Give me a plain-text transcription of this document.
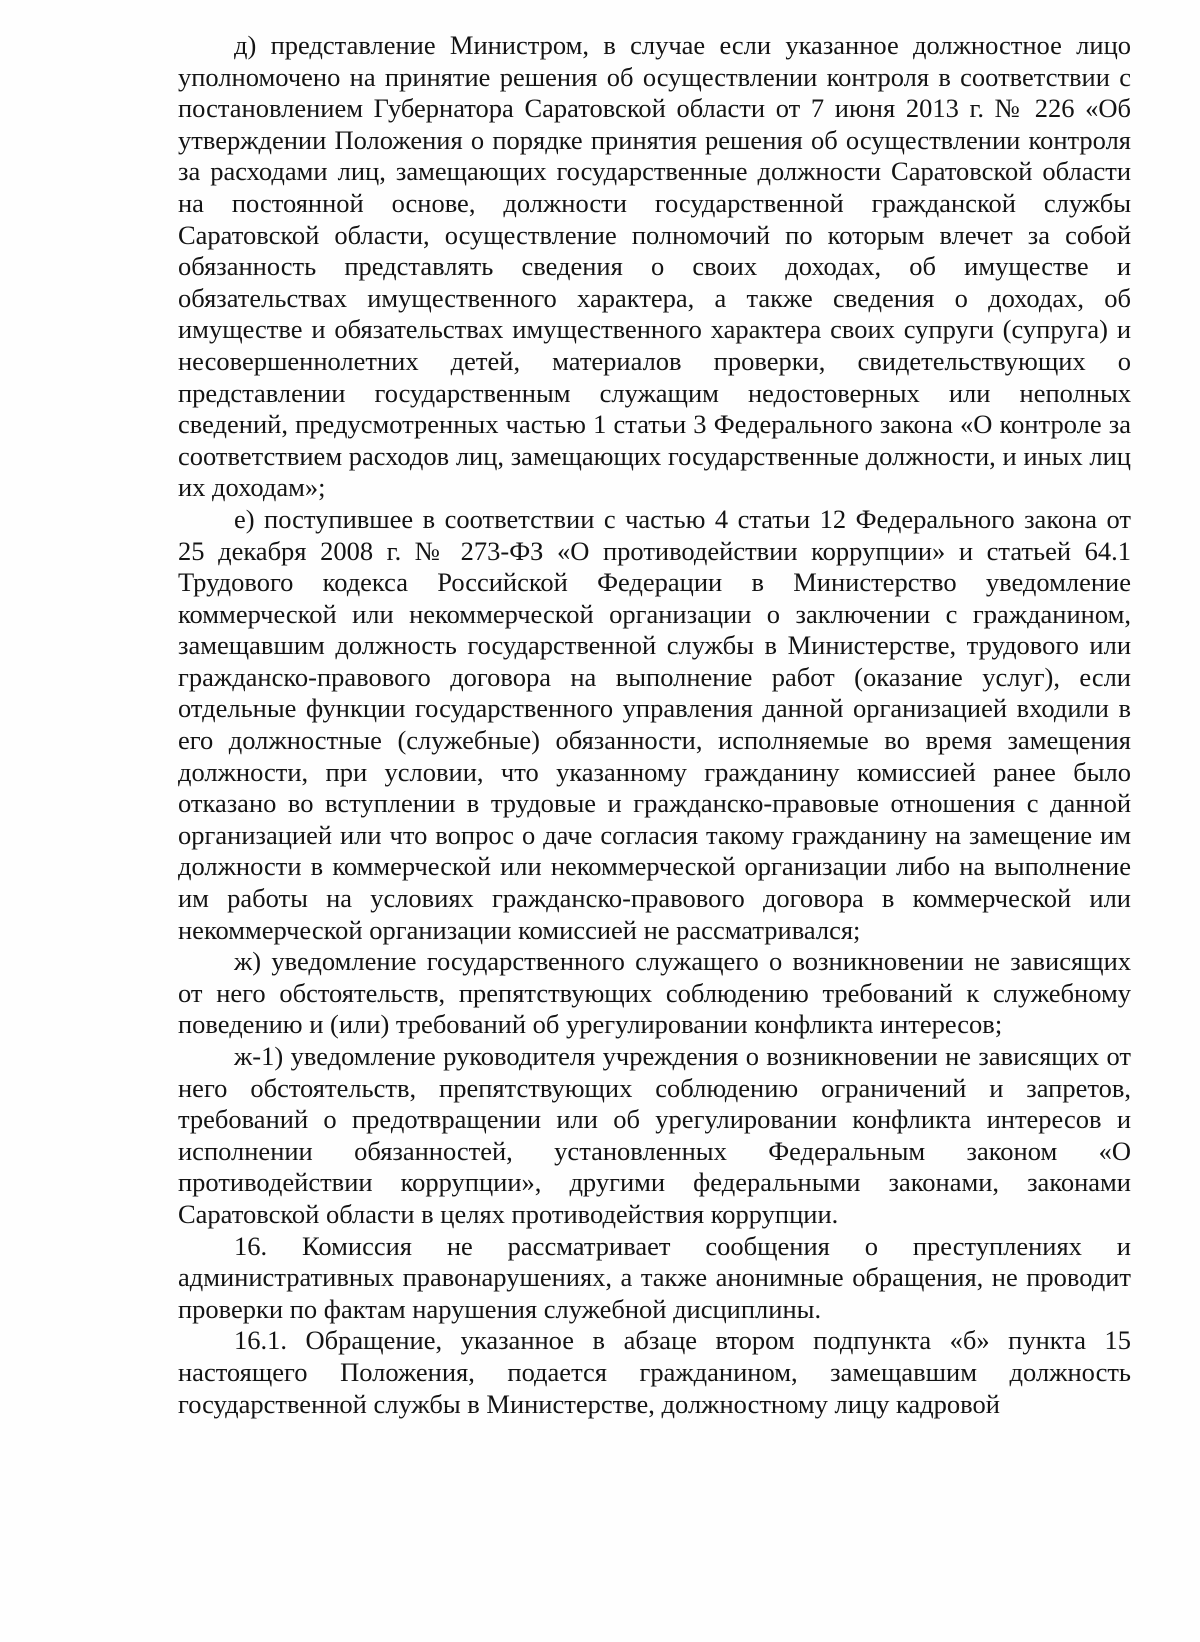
д) представление Министром, в случае если указанное должностное лицо уполномочено на принятие решения об осуществлении контроля в соответствии с постановлением Губернатора Саратовской области от 7 июня 2013 г. № 226 «Об утверждении Положения о порядке принятия решения об осуществлении контроля за расходами лиц, замещающих государственные должности Саратовской области на постоянной основе, должности государственной гражданской службы Саратовской области, осуществление полномочий по которым влечет за собой обязанность представлять сведения о своих доходах, об имуществе и обязательствах имущественного характера, а также сведения о доходах, об имуществе и обязательствах имущественного характера своих супруги (супруга) и несовершеннолетних детей, материалов проверки, свидетельствующих о представлении государственным служащим недостоверных или неполных сведений, предусмотренных частью 1 статьи 3 Федерального закона «О контроле за соответствием расходов лиц, замещающих государственные должности, и иных лиц их доходам»;

е) поступившее в соответствии с частью 4 статьи 12 Федерального закона от 25 декабря 2008 г. № 273-ФЗ «О противодействии коррупции» и статьей 64.1 Трудового кодекса Российской Федерации в Министерство уведомление коммерческой или некоммерческой организации о заключении с гражданином, замещавшим должность государственной службы в Министерстве, трудового или гражданско-правового договора на выполнение работ (оказание услуг), если отдельные функции государственного управления данной организацией входили в его должностные (служебные) обязанности, исполняемые во время замещения должности, при условии, что указанному гражданину комиссией ранее было отказано во вступлении в трудовые и гражданско-правовые отношения с данной организацией или что вопрос о даче согласия такому гражданину на замещение им должности в коммерческой или некоммерческой организации либо на выполнение им работы на условиях гражданско-правового договора в коммерческой или некоммерческой организации комиссией не рассматривался;

ж) уведомление государственного служащего о возникновении не зависящих от него обстоятельств, препятствующих соблюдению требований к служебному поведению и (или) требований об урегулировании конфликта интересов;

ж-1) уведомление руководителя учреждения о возникновении не зависящих от него обстоятельств, препятствующих соблюдению ограничений и запретов, требований о предотвращении или об урегулировании конфликта интересов и исполнении обязанностей, установленных Федеральным законом «О противодействии коррупции», другими федеральными законами, законами Саратовской области в целях противодействия коррупции.

16. Комиссия не рассматривает сообщения о преступлениях и административных правонарушениях, а также анонимные обращения, не проводит проверки по фактам нарушения служебной дисциплины.

16.1. Обращение, указанное в абзаце втором подпункта «б» пункта 15 настоящего Положения, подается гражданином, замещавшим должность государственной службы в Министерстве, должностному лицу кадровой
